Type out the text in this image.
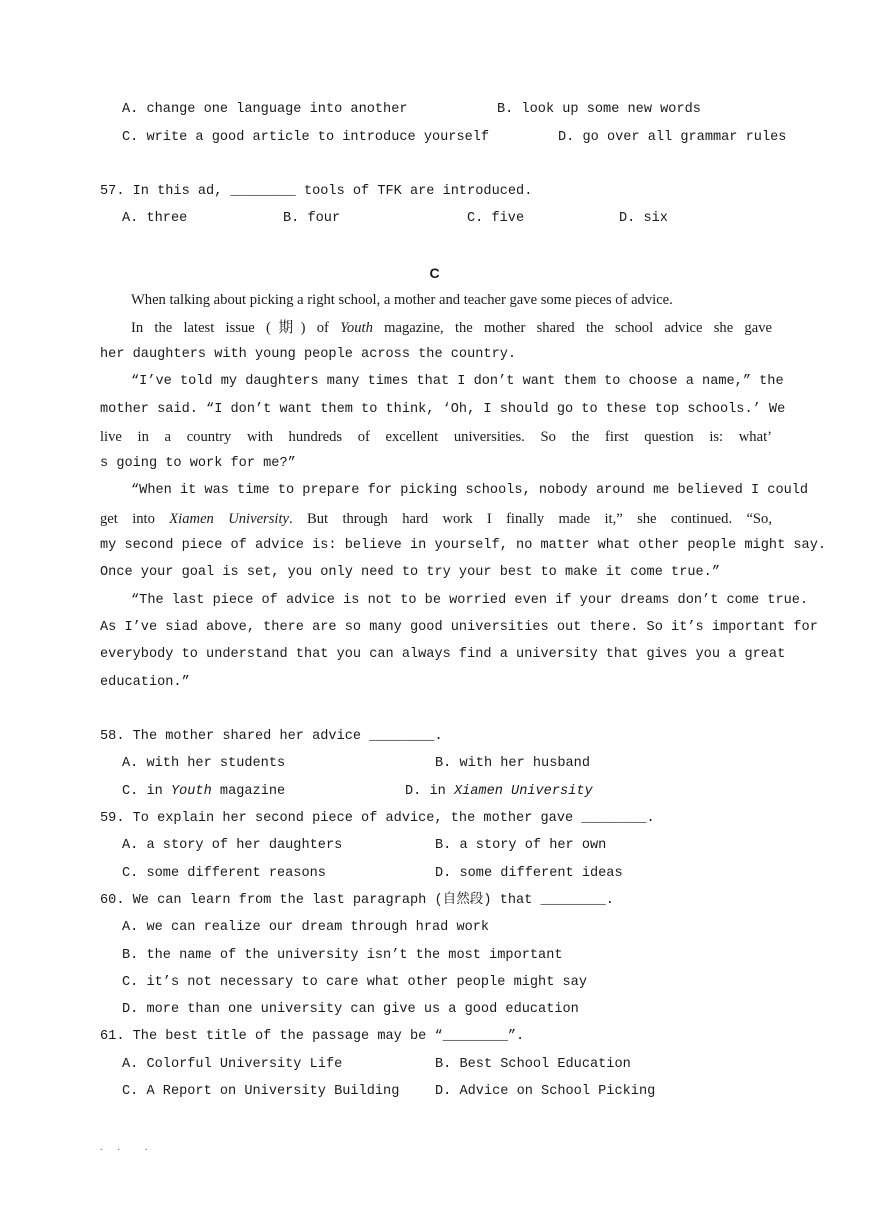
A. change one language into another	B. look up some new words
C. write a good article to introduce yourself	D. go over all grammar rules
57. In this ad, ________ tools of TFK are introduced.
A. three	B. four	C. five	D. six
C
When talking about picking a right school, a mother and teacher gave some pieces of advice.
In the latest issue (期) of Youth magazine, the mother shared the school advice she gave
her daughters with young people across the country.
“I’ve told my daughters many times that I don’t want them to choose a name,” the
mother said. “I don’t want them to think, ‘Oh, I should go to these top schools.’ We
live in a country with hundreds of excellent universities. So the first question is: what’
s going to work for me?”
“When it was time to prepare for picking schools, nobody around me believed I could
get into Xiamen University. But through hard work I finally made it,” she continued. “So,
my second piece of advice is: believe in yourself, no matter what other people might say.
Once your goal is set, you only need to try your best to make it come true.”
“The last piece of advice is not to be worried even if your dreams don’t come true.
As I’ve siad above, there are so many good universities out there. So it’s important for
everybody to understand that you can always find a university that gives you a great
education.”
58. The mother shared her advice ________.
A. with her students	B. with her husband
C. in Youth magazine	D. in Xiamen University
59. To explain her second piece of advice, the mother gave ________.
A. a story of her daughters	B. a story of her own
C. some different reasons	D. some different ideas
60. We can learn from the last paragraph (自然段) that ________.
A. we can realize our dream through hrad work
B. the name of the university isn’t the most important
C. it’s not necessary to care what other people might say
D. more than one university can give us a good education
61. The best title of the passage may be “________”.
A. Colorful University Life	B. Best School Education
C. A Report on University Building	D. Advice on School Picking
.      .          .
